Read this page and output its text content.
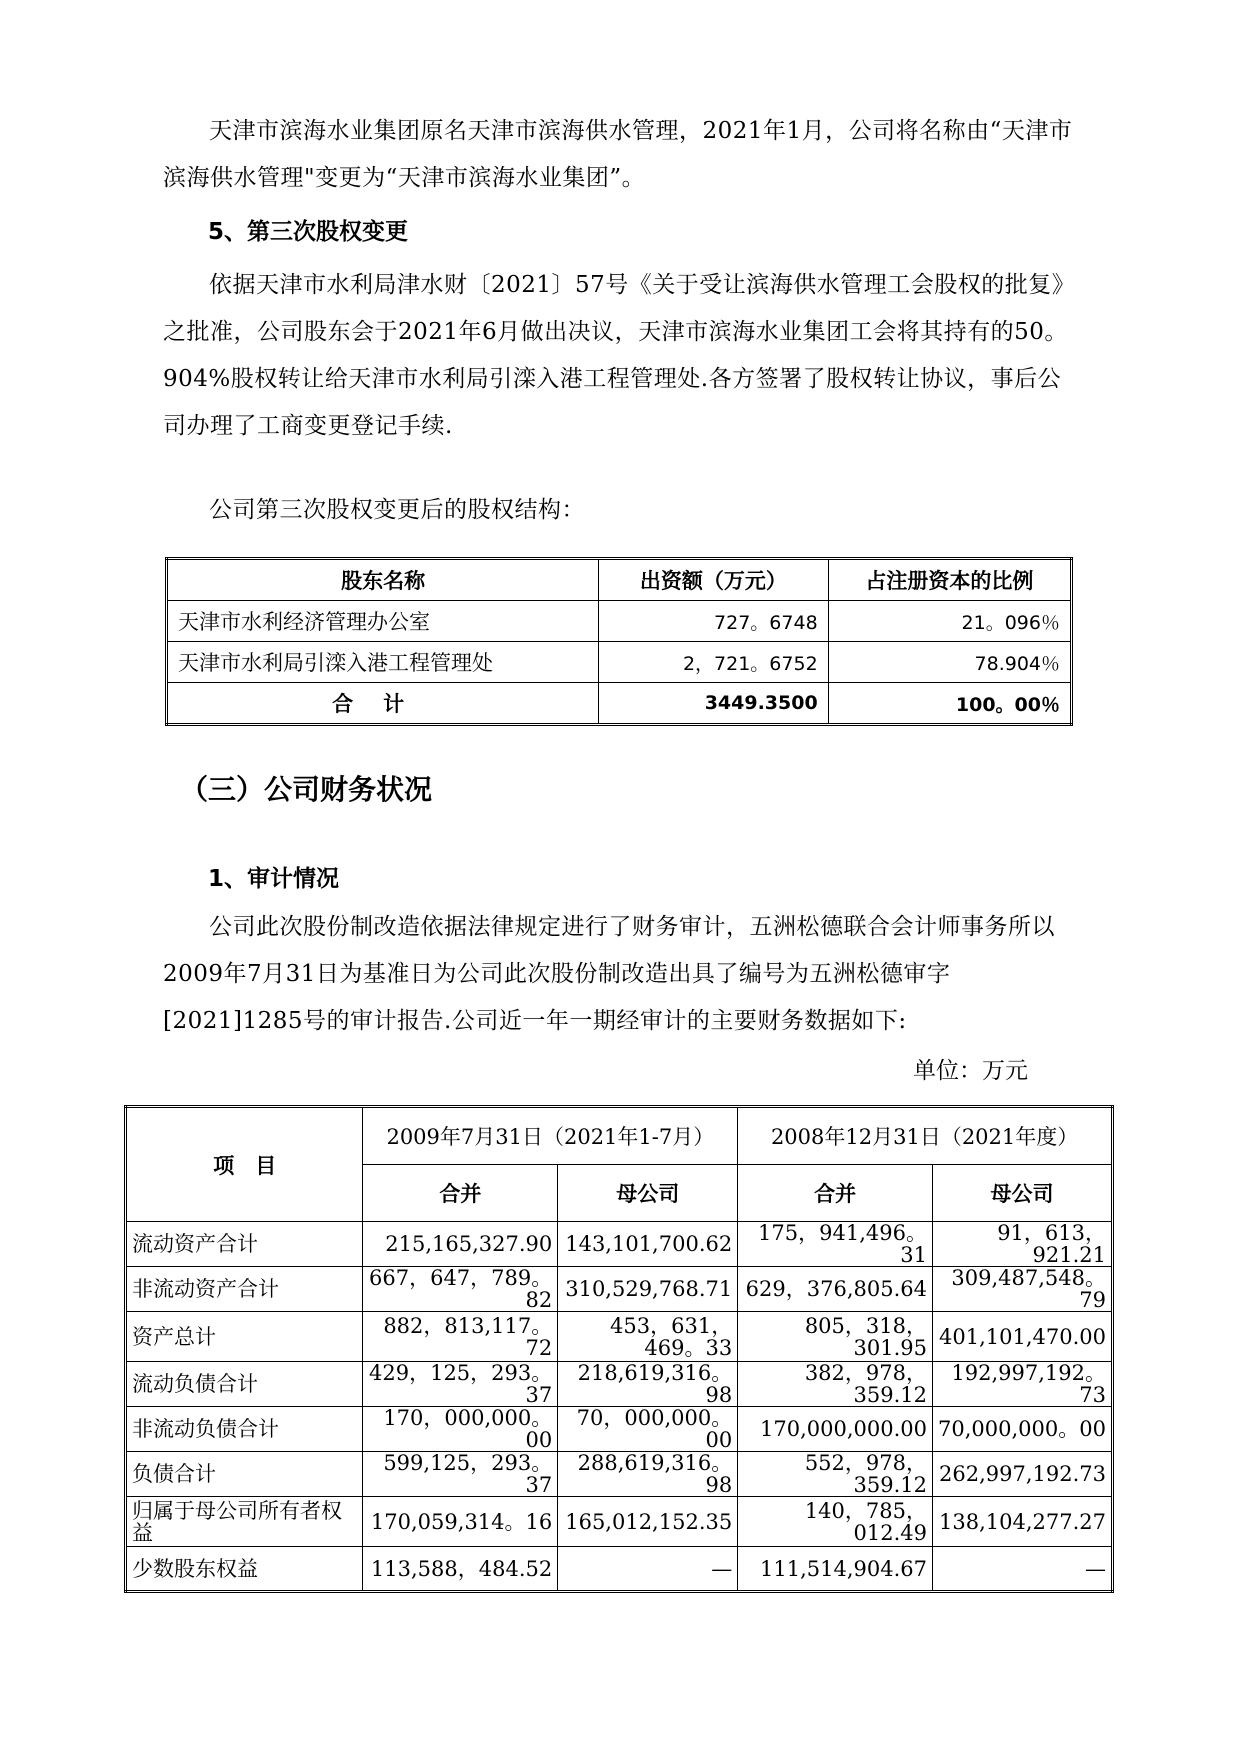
天津市滨海水业集团原名天津市滨海供水管理，2021年1月，公司将名称由“天津市滨海供水管理"变更为“天津市滨海水业集团”。

5、第三次股权变更

依据天津市水利局津水财〔2021〕57号《关于受让滨海供水管理工会股权的批复》之批准，公司股东会于2021年6月做出决议，天津市滨海水业集团工会将其持有的50。904%股权转让给天津市水利局引滦入港工程管理处.各方签署了股权转让协议，事后公司办理了工商变更登记手续.

公司第三次股权变更后的股权结构：

股东名称	出资额（万元）	占注册资本的比例
天津市水利经济管理办公室	727。6748	21。096％
天津市水利局引滦入港工程管理处	2，721。6752	78.904％
合计	3449.3500	100。00％

（三）公司财务状况

1、审计情况

公司此次股份制改造依据法律规定进行了财务审计，五洲松德联合会计师事务所以2009年7月31日为基准日为公司此次股份制改造出具了编号为五洲松德审字[2021]1285号的审计报告.公司近一年一期经审计的主要财务数据如下:

单位：万元

项　目	2009年7月31日（2021年1-7月）		2008年12月31日（2021年度）	
	合并	母公司	合并	母公司
流动资产合计	215,165,327.90	143,101,700.62	175，941,496。31	91，613，921.21
非流动资产合计	667，647，789。82	310,529,768.71	629，376,805.64	309,487,548。79
资产总计	882，813,117。72	453，631，469。33	805，318，301.95	401,101,470.00
流动负债合计	429，125，293。37	218,619,316。98	382，978，359.12	192,997,192。73
非流动负债合计	170，000,000。00	70，000,000。00	170,000,000.00	70,000,000。00
负债合计	599,125，293。37	288,619,316。98	552，978，359.12	262,997,192.73
归属于母公司所有者权益	170,059,314。16	165,012,152.35	140，785，012.49	138,104,277.27
少数股东权益	113,588，484.52	—	111,514,904.67	—
